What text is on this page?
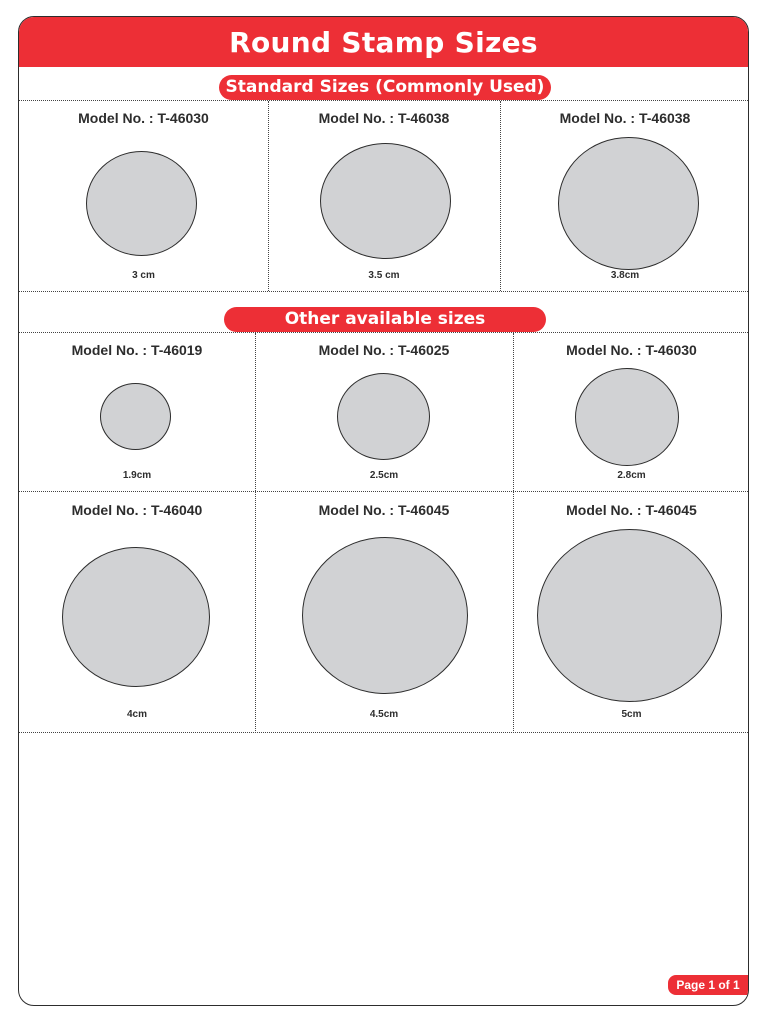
Round Stamp Sizes
Standard Sizes (Commonly Used)
Model No. : T-46030
3 cm
Model No. : T-46038
3.5 cm
Model No. : T-46038
3.8cm
Other available sizes
Model No. : T-46019
1.9cm
Model No. : T-46025
2.5cm
Model No. : T-46030
2.8cm
Model No. : T-46040
4cm
Model No. : T-46045
4.5cm
Model No. : T-46045
5cm
Page 1 of 1
